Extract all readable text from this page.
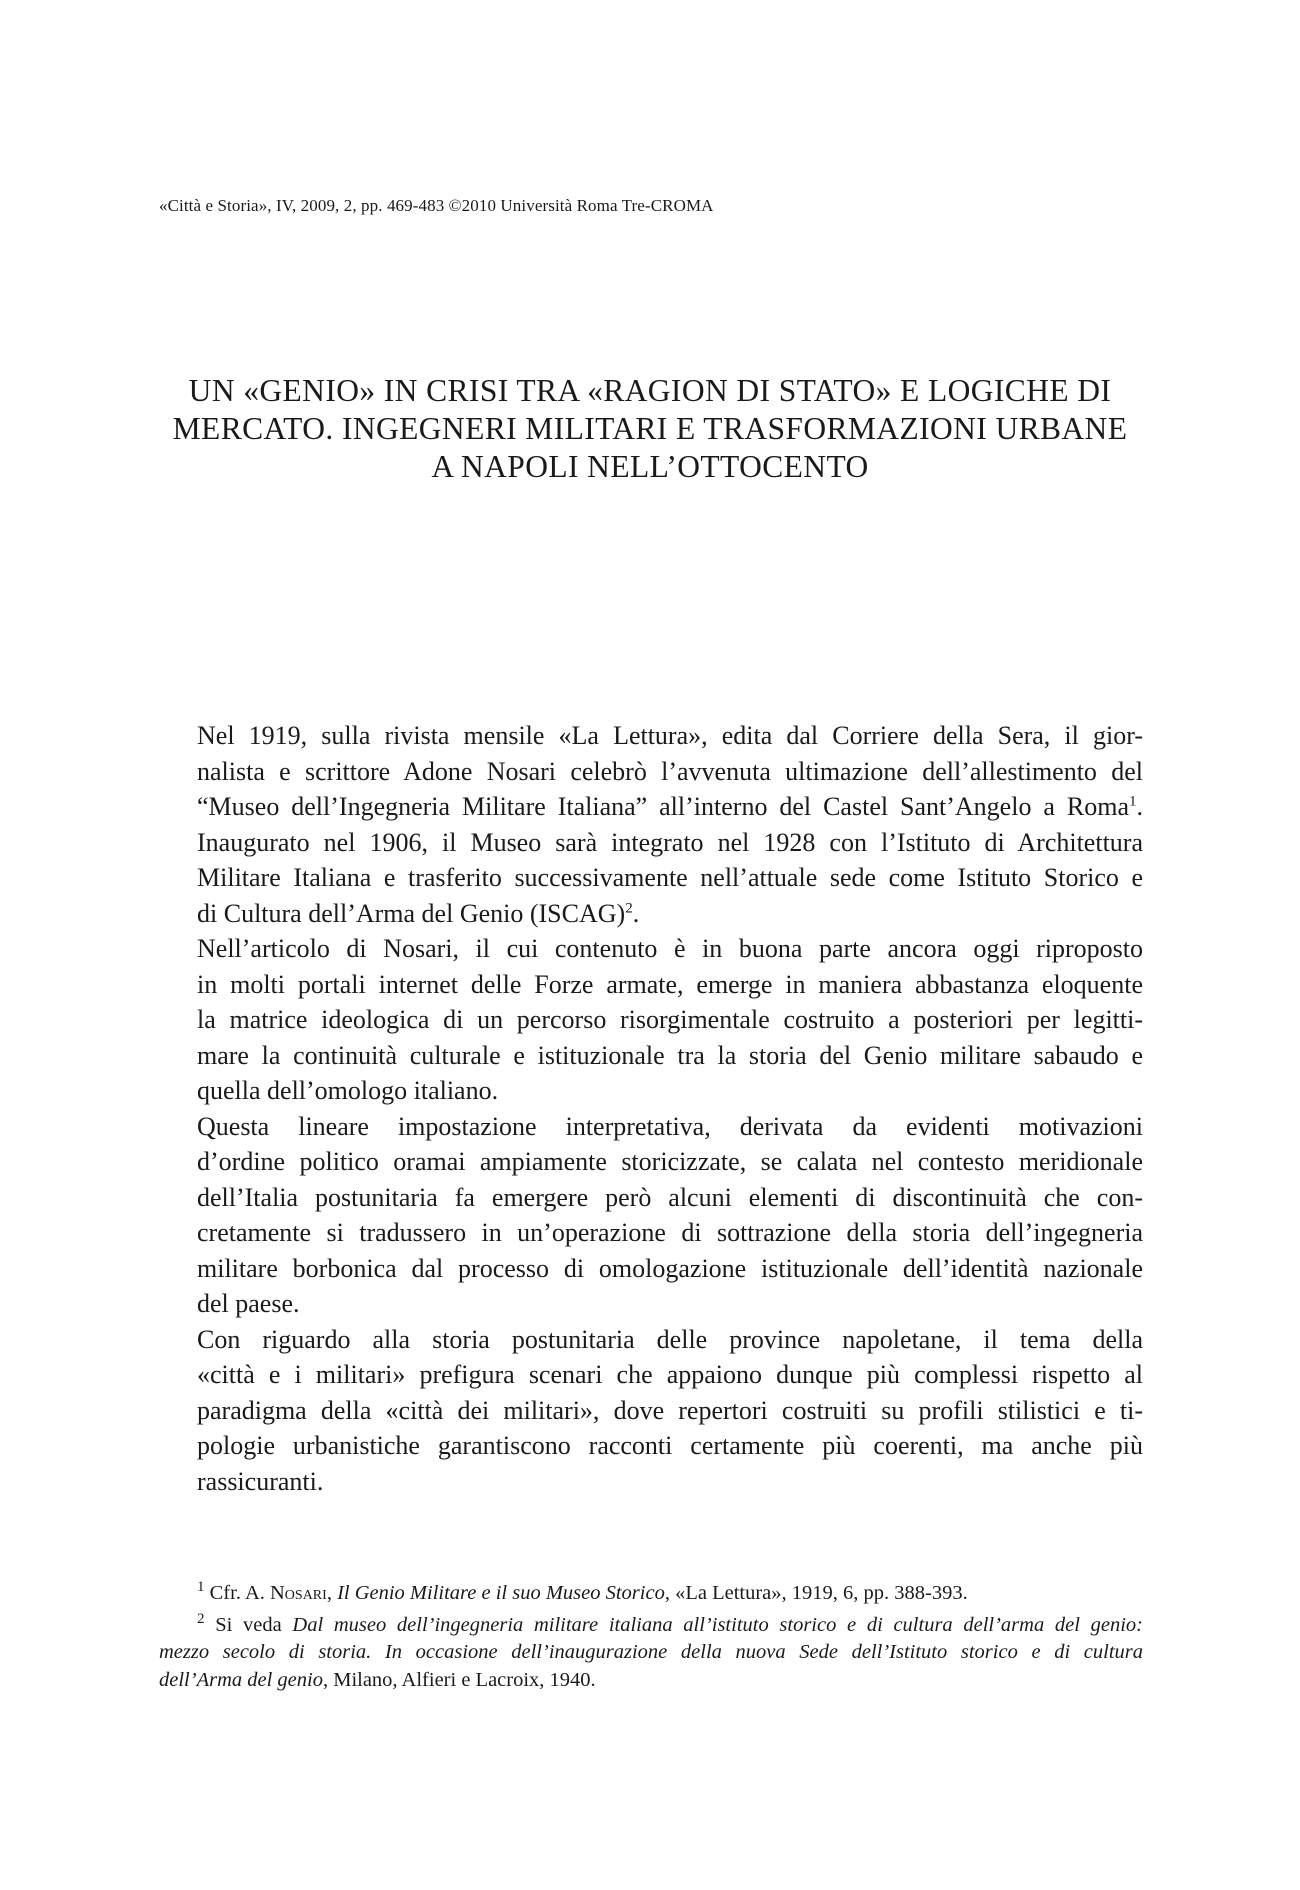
«Città e Storia», IV, 2009, 2, pp. 469-483 ©2010 Università Roma Tre-CROMA
UN «GENIO» IN CRISI TRA «RAGION DI STATO» E LOGICHE DI
MERCATO. INGEGNERI MILITARI E TRASFORMAZIONI URBANE
A NAPOLI NELL’OTTOCENTO

Nel 1919, sulla rivista mensile «La Lettura», edita dal Corriere della Sera, il gior-
nalista e scrittore Adone Nosari celebrò l’avvenuta ultimazione dell’allestimento del
“Museo dell’Ingegneria Militare Italiana” all’interno del Castel Sant’Angelo a Roma$^1$.
Inaugurato nel 1906, il Museo sarà integrato nel 1928 con l’Istituto di Architettura
Militare Italiana e trasferito successivamente nell’attuale sede come Istituto Storico e
di Cultura dell’Arma del Genio (ISCAG)$^2$.

Nell’articolo di Nosari, il cui contenuto è in buona parte ancora oggi riproposto
in molti portali internet delle Forze armate, emerge in maniera abbastanza eloquente
la matrice ideologica di un percorso risorgimentale costruito a posteriori per legitti-
mare la continuità culturale e istituzionale tra la storia del Genio militare sabaudo e
quella dell’omologo italiano.

Questa lineare impostazione interpretativa, derivata da evidenti motivazioni
d’ordine politico oramai ampiamente storicizzate, se calata nel contesto meridionale
dell’Italia postunitaria fa emergere però alcuni elementi di discontinuità che con-
cretamente si tradussero in un’operazione di sottrazione della storia dell’ingegneria
militare borbonica dal processo di omologazione istituzionale dell’identità nazionale
del paese.

Con riguardo alla storia postunitaria delle province napoletane, il tema della
«città e i militari» prefigura scenari che appaiono dunque più complessi rispetto al
paradigma della «città dei militari», dove repertori costruiti su profili stilistici e ti-
pologie urbanistiche garantiscono racconti certamente più coerenti, ma anche più
rassicuranti.

$^1$ Cfr. A. Nosari, Il Genio Militare e il suo Museo Storico, «La Lettura», 1919, 6, pp. 388-393.
$^2$ Si veda Dal museo dell’ingegneria militare italiana all’istituto storico e di cultura dell’arma del genio:
mezzo secolo di storia. In occasione dell’inaugurazione della nuova Sede dell’Istituto storico e di cultura
dell’Arma del genio, Milano, Alfieri e Lacroix, 1940.
